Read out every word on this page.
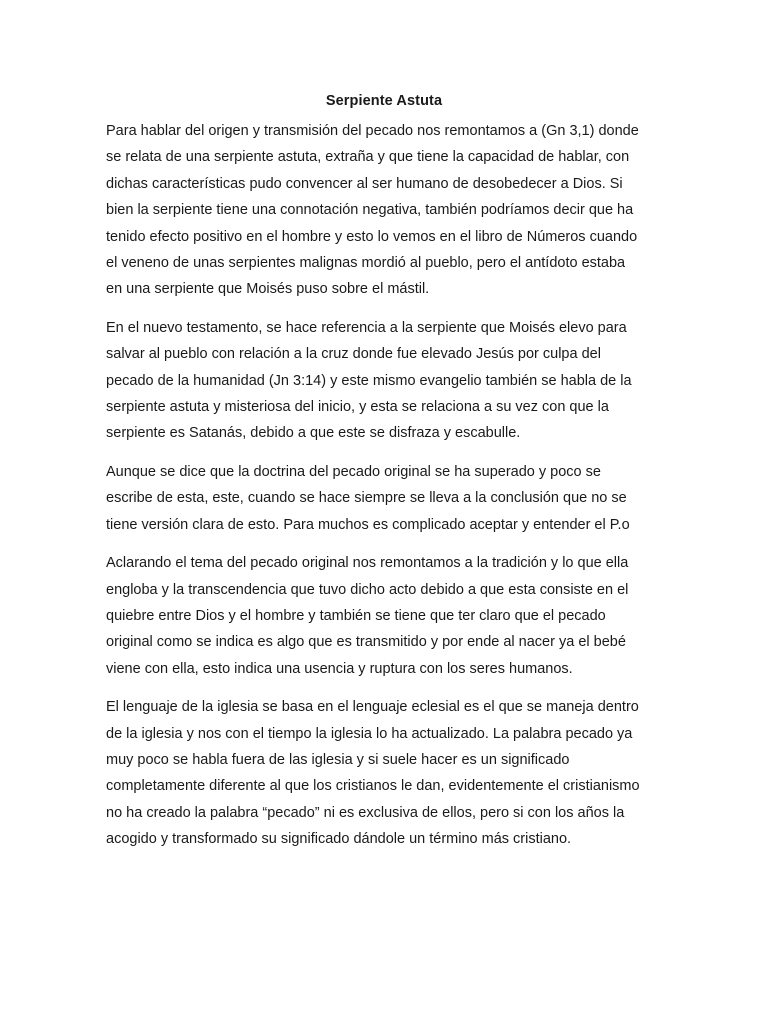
Serpiente Astuta

Para hablar del origen y transmisión del pecado nos remontamos a (Gn 3,1) donde
se relata de una serpiente astuta, extraña y que tiene la capacidad de hablar, con
dichas características pudo convencer al ser humano de desobedecer a Dios. Si
bien la serpiente tiene una connotación negativa, también podríamos decir que ha
tenido efecto positivo en el hombre y esto lo vemos en el libro de Números cuando
el veneno de unas serpientes malignas mordió al pueblo, pero el antídoto estaba
en una serpiente que Moisés puso sobre el mástil.

En el nuevo testamento, se hace referencia a la serpiente que Moisés elevo para
salvar al pueblo con relación a la cruz donde fue elevado Jesús por culpa del
pecado de la humanidad (Jn 3:14) y este mismo evangelio también se habla de la
serpiente astuta y misteriosa del inicio, y esta se relaciona a su vez con que la
serpiente es Satanás, debido a que este se disfraza y escabulle.

Aunque se dice que la doctrina del pecado original se ha superado y poco se
escribe de esta, este, cuando se hace siempre se lleva a la conclusión que no se
tiene versión clara de esto. Para muchos es complicado aceptar y entender el P.o

Aclarando el tema del pecado original nos remontamos a la tradición y lo que ella
engloba y la transcendencia que tuvo dicho acto debido a que esta consiste en el
quiebre entre Dios y el hombre y también se tiene que ter claro que el pecado
original como se indica es algo que es transmitido y por ende al nacer ya el bebé
viene con ella, esto indica una usencia y ruptura con los seres humanos.

El lenguaje de la iglesia se basa en el lenguaje eclesial es el que se maneja dentro
de la iglesia y nos con el tiempo la iglesia lo ha actualizado. La palabra pecado ya
muy poco se habla fuera de las iglesia y si suele hacer es un significado
completamente diferente al que los cristianos le dan, evidentemente el cristianismo
no ha creado la palabra “pecado” ni es exclusiva de ellos, pero si con los años la
acogido y transformado su significado dándole un término más cristiano.
